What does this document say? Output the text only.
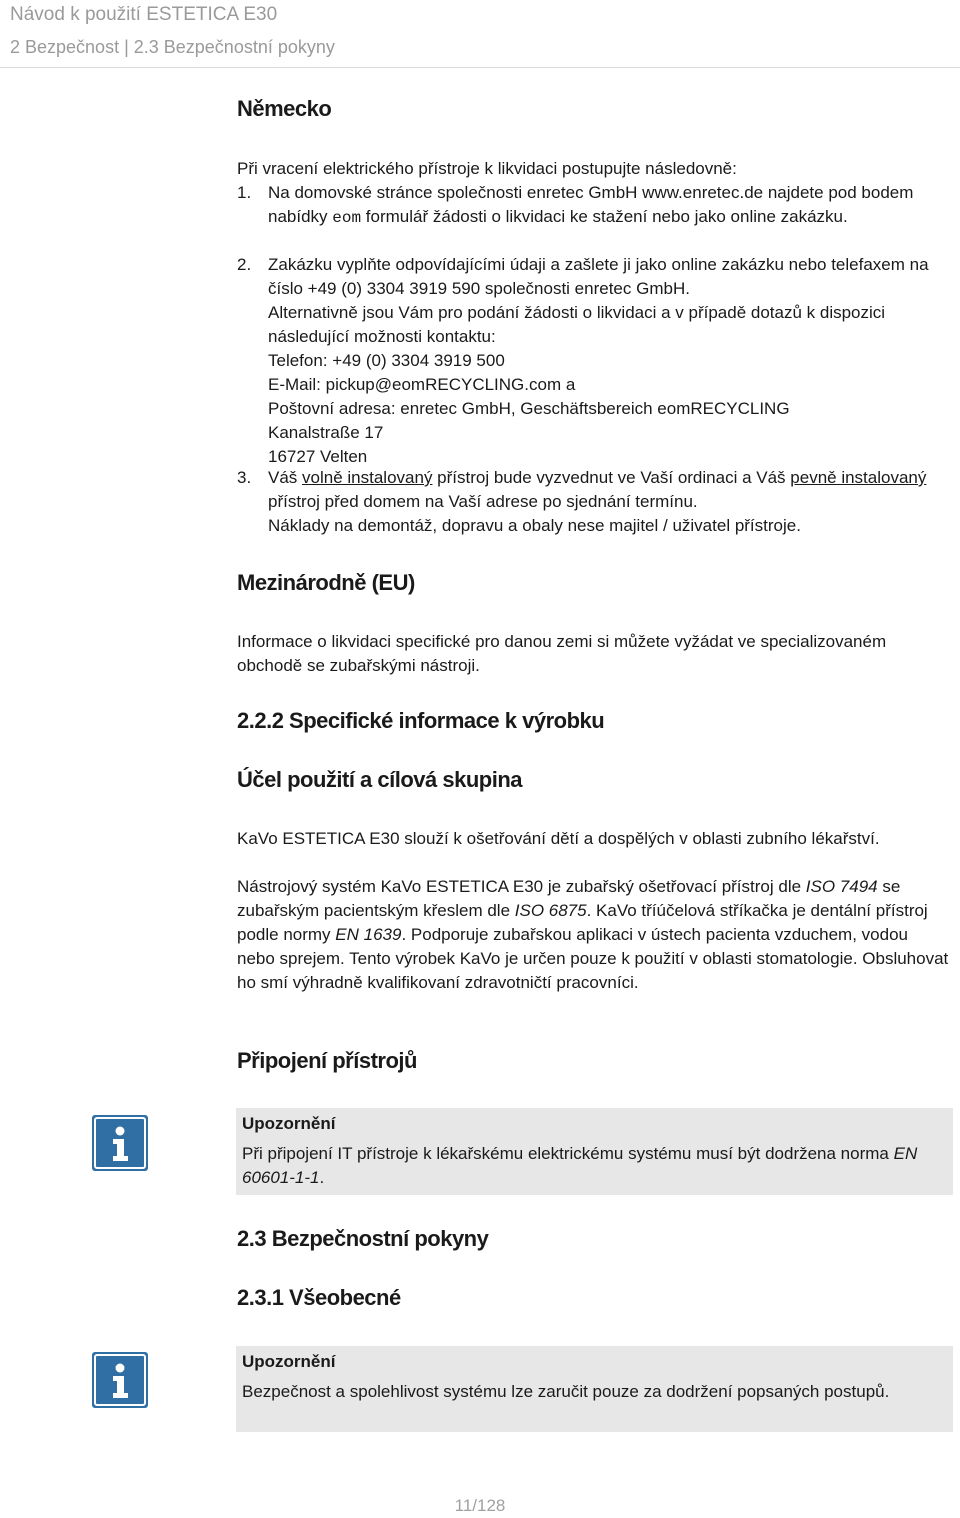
Návod k použití ESTETICA E30
2 Bezpečnost | 2.3 Bezpečnostní pokyny
Německo

Při vracení elektrického přístroje k likvidaci postupujte následovně:

1. Na domovské stránce společnosti enretec GmbH www.enretec.de najdete pod bodem nabídky eom formulář žádosti o likvidaci ke stažení nebo jako online zakázku.
2. Zakázku vyplňte odpovídajícími údaji a zašlete ji jako online zakázku nebo telefaxem na číslo +49 (0) 3304 3919 590 společnosti enretec GmbH.
Alternativně jsou Vám pro podání žádosti o likvidaci a v případě dotazů k dispozici následující možnosti kontaktu:
Telefon: +49 (0) 3304 3919 500
E-Mail: pickup@eomRECYCLING.com a
Poštovní adresa: enretec GmbH, Geschäftsbereich eomRECYCLING
Kanalstraße 17
16727 Velten
3. Váš volně instalovaný přístroj bude vyzvednut ve Vaší ordinaci a Váš pevně instalovaný přístroj před domem na Vaší adrese po sjednání termínu.
Náklady na demontáž, dopravu a obaly nese majitel / uživatel přístroje.
Mezinárodně (EU)

Informace o likvidaci specifické pro danou zemi si můžete vyžádat ve specializovaném obchodě se zubařskými nástroji.

2.2.2 Specifické informace k výrobku
Účel použití a cílová skupina

KaVo ESTETICA E30 slouží k ošetřování dětí a dospělých v oblasti zubního lékařství.

Nástrojový systém KaVo ESTETICA E30 je zubařský ošetřovací přístroj dle ISO 7494 se zubařským pacientským křeslem dle ISO 6875. KaVo tříúčelová stříkačka je dentální přístroj podle normy EN 1639. Podporuje zubařskou aplikaci v ústech pacienta vzduchem, vodou nebo sprejem. Tento výrobek KaVo je určen pouze k použití v oblasti stomatologie. Obsluhovat ho smí výhradně kvalifikovaní zdravotničtí pracovníci.

Připojení přístrojů
Upozornění
Při připojení IT přístroje k lékařskému elektrickému systému musí být dodržena norma EN 60601-1-1.
2.3 Bezpečnostní pokyny
2.3.1 Všeobecné
Upozornění
Bezpečnost a spolehlivost systému lze zaručit pouze za dodržení popsaných postupů.
11/128
